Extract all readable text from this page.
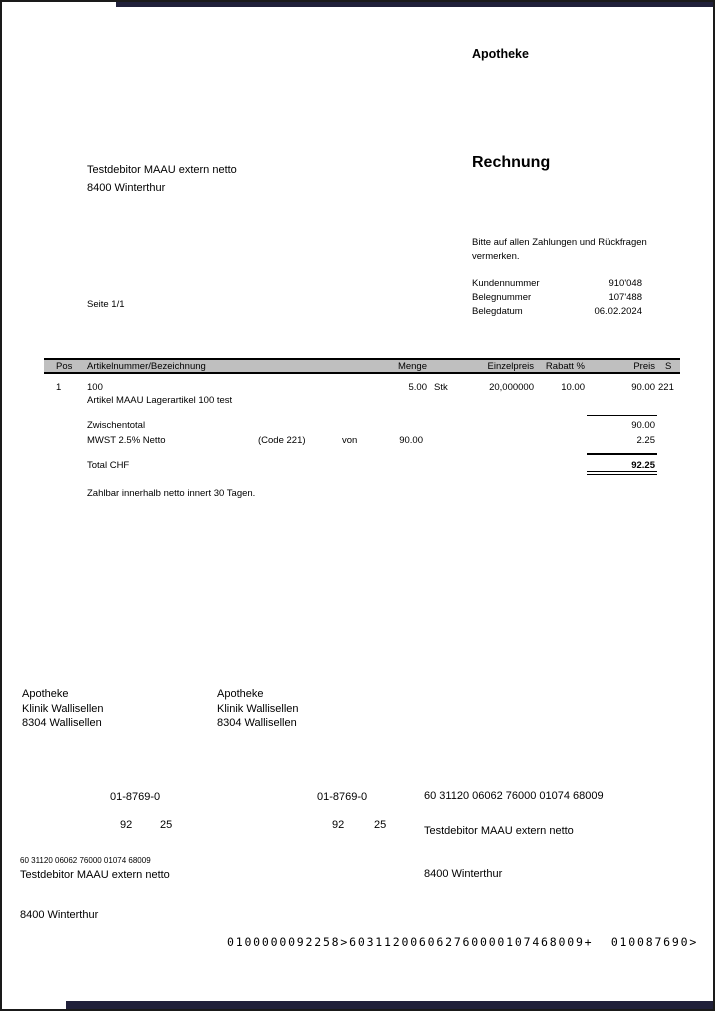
Apotheke
Testdebitor MAAU extern netto
8400 Winterthur
Rechnung
Bitte auf allen Zahlungen und Rückfragen
vermerken.
Kundennummer	910'048
Belegnummer	107'488
Belegdatum	06.02.2024
Seite 1/1
Pos Artikelnummer/Bezeichnung	Menge	Einzelpreis	Rabatt %	Preis S
1	100	5.00 Stk	20,000000	10.00	90.00 221
Artikel MAAU Lagerartikel 100 test
Zwischentotal	90.00
MWST 2.5% Netto	(Code 221)	von	90.00	2.25
Total CHF	92.25
Zahlbar innerhalb netto innert 30 Tagen.
Apotheke
Klinik Wallisellen
8304 Wallisellen
Apotheke
Klinik Wallisellen
8304 Wallisellen
01-8769-0	01-8769-0
92	25	92	25
60 31120 06062 76000 01074 68009
Testdebitor MAAU extern netto
8400 Winterthur
60 31120 06062 76000 01074 68009
Testdebitor MAAU extern netto
8400 Winterthur
0100000092258>603112006062760000107468009+  010087690>
